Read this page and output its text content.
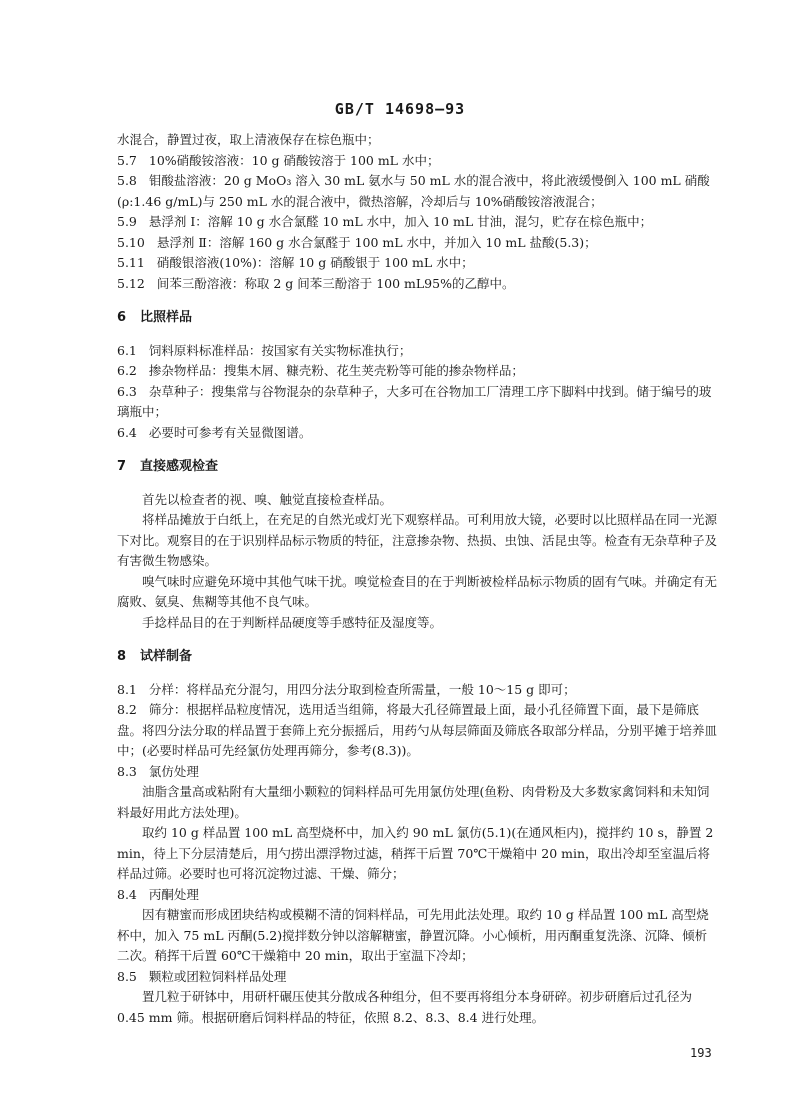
GB/T 14698—93

水混合，静置过夜，取上清液保存在棕色瓶中；

5.7 10%硝酸铵溶液：10 g 硝酸铵溶于 100 mL 水中；

5.8 钼酸盐溶液：20 g MoO₃ 溶入 30 mL 氨水与 50 mL 水的混合液中，将此液缓慢倒入 100 mL 硝酸(ρ:1.46 g/mL)与 250 mL 水的混合液中，微热溶解，冷却后与 10%硝酸铵溶液混合；

5.9 悬浮剂 Ⅰ：溶解 10 g 水合氯醛 10 mL 水中，加入 10 mL 甘油，混匀，贮存在棕色瓶中；

5.10 悬浮剂 Ⅱ：溶解 160 g 水合氯醛于 100 mL 水中，并加入 10 mL 盐酸(5.3)；

5.11 硝酸银溶液(10%)：溶解 10 g 硝酸银于 100 mL 水中；

5.12 间苯三酚溶液：称取 2 g 间苯三酚溶于 100 mL95%的乙醇中。

6 比照样品

6.1 饲料原料标准样品：按国家有关实物标准执行；

6.2 掺杂物样品：搜集木屑、糠壳粉、花生荚壳粉等可能的掺杂物样品；

6.3 杂草种子：搜集常与谷物混杂的杂草种子，大多可在谷物加工厂清理工序下脚料中找到。储于编号的玻璃瓶中；

6.4 必要时可参考有关显微图谱。

7 直接感观检查

首先以检查者的视、嗅、触觉直接检查样品。

将样品摊放于白纸上，在充足的自然光或灯光下观察样品。可利用放大镜，必要时以比照样品在同一光源下对比。观察目的在于识别样品标示物质的特征，注意掺杂物、热损、虫蚀、活昆虫等。检查有无杂草种子及有害微生物感染。

嗅气味时应避免环境中其他气味干扰。嗅觉检查目的在于判断被检样品标示物质的固有气味。并确定有无腐败、氨臭、焦糊等其他不良气味。

手捻样品目的在于判断样品硬度等手感特征及湿度等。

8 试样制备

8.1 分样：将样品充分混匀，用四分法分取到检查所需量，一般 10～15 g 即可；

8.2 筛分：根据样品粒度情况，选用适当组筛，将最大孔径筛置最上面，最小孔径筛置下面，最下是筛底盘。将四分法分取的样品置于套筛上充分振摇后，用药勺从每层筛面及筛底各取部分样品，分别平摊于培养皿中；(必要时样品可先经氯仿处理再筛分，参考(8.3))。

8.3 氯仿处理

油脂含量高或粘附有大量细小颗粒的饲料样品可先用氯仿处理(鱼粉、肉骨粉及大多数家禽饲料和未知饲料最好用此方法处理)。

取约 10 g 样品置 100 mL 高型烧杯中，加入约 90 mL 氯仿(5.1)(在通风柜内)，搅拌约 10 s，静置 2 min，待上下分层清楚后，用勺捞出漂浮物过滤，稍挥干后置 70℃干燥箱中 20 min，取出冷却至室温后将样品过筛。必要时也可将沉淀物过滤、干燥、筛分；

8.4 丙酮处理

因有糖蜜而形成团块结构或模糊不清的饲料样品，可先用此法处理。取约 10 g 样品置 100 mL 高型烧杯中，加入 75 mL 丙酮(5.2)搅拌数分钟以溶解糖蜜，静置沉降。小心倾析，用丙酮重复洗涤、沉降、倾析二次。稍挥干后置 60℃干燥箱中 20 min，取出于室温下冷却；

8.5 颗粒或团粒饲料样品处理

置几粒于研钵中，用研杆碾压使其分散成各种组分，但不要再将组分本身研碎。初步研磨后过孔径为 0.45 mm 筛。根据研磨后饲料样品的特征，依照 8.2、8.3、8.4 进行处理。

193
